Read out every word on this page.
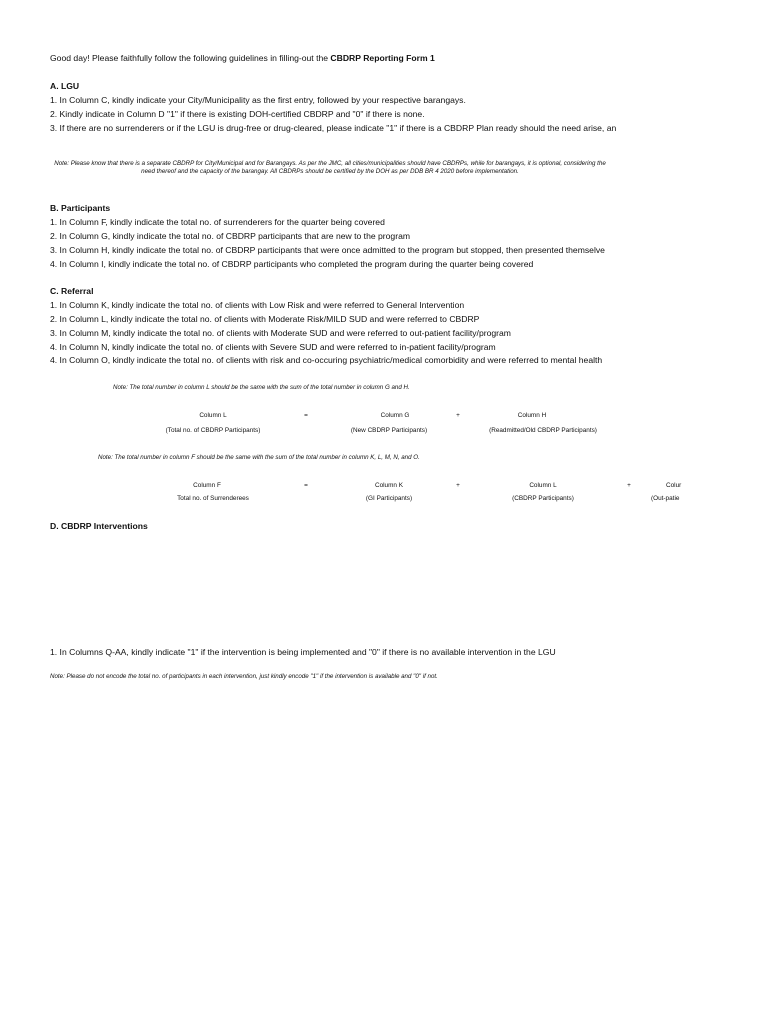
Good day! Please faithfully follow the following guidelines in filling-out the CBDRP Reporting Form 1
A. LGU
1. In Column C, kindly indicate your City/Municipality as the first entry, followed by your respective barangays.
2. Kindly indicate in Column D "1" if there is existing DOH-certified CBDRP and "0" if there is none.
3. If there are no surrenderers or if the LGU is drug-free or drug-cleared, please indicate "1" if there is a CBDRP Plan ready should the need arise, an
Note: Please know that there is a separate CBDRP for City/Municipal and for Barangays. As per the JMC, all cities/municipalities should have CBDRPs, while for barangays, it is optional, considering the need thereof and the capacity of the barangay. All CBDRPs should be certified by the DOH as per DDB BR 4 2020 before implementation.
B. Participants
1. In Column F, kindly indicate the total no. of surrenderers for the quarter being covered
2. In Column G, kindly indicate the total no. of CBDRP participants that are new to the program
3. In Column H, kindly indicate the total no. of CBDRP participants that were once admitted to the program but stopped, then presented themselve
4. In Column I, kindly indicate the total no. of CBDRP participants who completed the program during the quarter being covered
C. Referral
1. In Column K, kindly indicate the total no. of clients with Low Risk and were referred to General Intervention
2. In Column L, kindly indicate the total no. of clients with Moderate Risk/MILD SUD and were referred to CBDRP
3. In Column M, kindly indicate the total no. of clients with Moderate SUD and were referred to out-patient facility/program
4. In Column N, kindly indicate the total no. of clients with Severe SUD and were referred to in-patient facility/program
4. In Column O, kindly indicate the total no. of clients with risk and co-occuring psychiatric/medical comorbidity and were referred to mental health
Note: The total number in column L should be the same with the sum of the total number in column G and H.
Column L
(Total no. of CBDRP Participants)
=	Column G
(New CBDRP Participants)
+	Column H
(Readmitted/Old CBDRP Participants)
Note: The total number in column F should be the same with the sum of the total number in column K, L, M, N, and O.
Column F
Total no. of Surrenderees
=	Column K
(GI Participants)
+	Column L
(CBDRP Participants)
+	Colur
(Out-patie
D. CBDRP Interventions
1. In Columns Q-AA, kindly indicate "1" if the intervention is being implemented and "0" if there is no available intervention in the LGU
Note: Please do not encode the total no. of participants in each intervention, just kindly encode "1" if the intervention is available and "0" if not.
